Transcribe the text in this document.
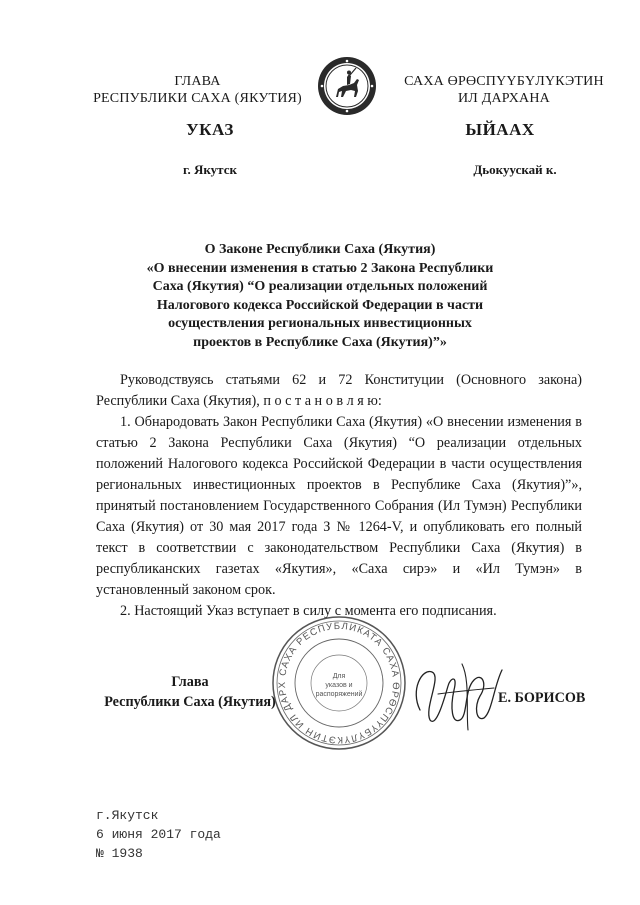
ГЛАВА
РЕСПУБЛИКИ САХА (ЯКУТИЯ)
САХА ӨРӨСПҮҮБҮЛҮКЭТИН
ИЛ ДАРХАНА
УКАЗ	ЫЙААХ
г. Якутск	Дьокуускай к.
О Законе Республики Саха (Якутия)
«О внесении изменения в статью 2 Закона Республики
Саха (Якутия) “О реализации отдельных положений
Налогового кодекса Российской Федерации в части
осуществления региональных инвестиционных
проектов в Республике Саха (Якутия)”»
Руководствуясь статьями 62 и 72 Конституции (Основного закона) Республики Саха (Якутия), п о с т а н о в л я ю:
1. Обнародовать Закон Республики Саха (Якутия) «О внесении изменения в статью 2 Закона Республики Саха (Якутия) “О реализации отдельных положений Налогового кодекса Российской Федерации в части осуществления региональных инвестиционных проектов в Республике Саха (Якутия)”», принятый постановлением Государственного Собрания (Ил Тумэн) Республики Саха (Якутия) от 30 мая 2017 года З № 1264-V, и опубликовать его полный текст в соответствии с законодательством Республики Саха (Якутия) в республиканских газетах «Якутия», «Саха сирэ» и «Ил Тумэн» в установленный законом срок.
2. Настоящий Указ вступает в силу с момента его подписания.
Глава
Республики Саха (Якутия)
САХА РЕСПУБЛИКАТА САХА ӨРӨСПҮҮБҮЛҮКЭТИН ИЛ ДАРХ
Для
указов и
распоряжений	Е. БОРИСОВ
г.Якутск
6 июня 2017 года
№ 1938
